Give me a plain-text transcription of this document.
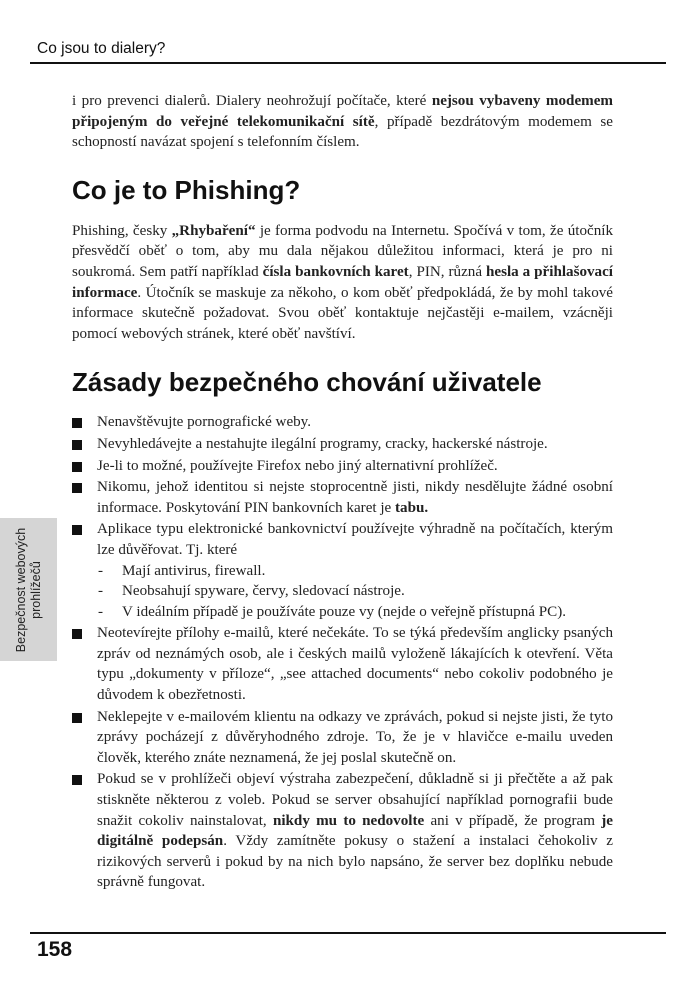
Co jsou to dialery?

i pro prevenci dialerů. Dialery neohrožují počítače, které nejsou vybaveny modemem připojeným do veřejné telekomunikační sítě, případě bezdrátovým modemem se schopností navázat spojení s telefonním číslem.

Co je to Phishing?

Phishing, česky „Rhybaření“ je forma podvodu na Internetu. Spočívá v tom, že útočník přesvědčí oběť o tom, aby mu dala nějakou důležitou informaci, která je pro ni soukromá. Sem patří například čísla bankovních karet, PIN, různá hesla a přihlašovací informace. Útočník se maskuje za někoho, o kom oběť předpokládá, že by mohl takové informace skutečně požadovat. Svou oběť kontaktuje nejčastěji e-mailem, vzácněji pomocí webových stránek, které oběť navštíví.

Zásady bezpečného chování uživatele
Nenavštěvujte pornografické weby.
Nevyhledávejte a nestahujte ilegální programy, cracky, hackerské nástroje.
Je-li to možné, používejte Firefox nebo jiný alternativní prohlížeč.
Nikomu, jehož identitou si nejste stoprocentně jisti, nikdy nesdělujte žádné osobní informace. Poskytování PIN bankovních karet je tabu.
Aplikace typu elektronické bankovnictví používejte výhradně na počítačích, kterým lze důvěřovat. Tj. které
- Mají antivirus, firewall.
- Neobsahují spyware, červy, sledovací nástroje.
- V ideálním případě je používáte pouze vy (nejde o veřejně přístupná PC).
Neotevírejte přílohy e-mailů, které nečekáte. To se týká především anglicky psaných zpráv od neznámých osob, ale i českých mailů vyloženě lákajících k otevření. Věta typu „dokumenty v příloze“, „see attached documents“ nebo cokoliv podobného je důvodem k obezřetnosti.
Neklepejte v e-mailovém klientu na odkazy ve zprávách, pokud si nejste jisti, že tyto zprávy pocházejí z důvěryhodného zdroje. To, že je v hlavičce e-mailu uveden člověk, kterého znáte neznamená, že jej poslal skutečně on.
Pokud se v prohlížeči objeví výstraha zabezpečení, důkladně si ji přečtěte a až pak stiskněte některou z voleb. Pokud se server obsahující například pornografii bude snažit cokoliv nainstalovat, nikdy mu to nedovolte ani v případě, že program je digitálně podepsán. Vždy zamítněte pokusy o stažení a instalaci čehokoliv z rizikových serverů i pokud by na nich bylo napsáno, že server bez doplňku nebude správně fungovat.
Bezpečnost webových prohlížečů
158
